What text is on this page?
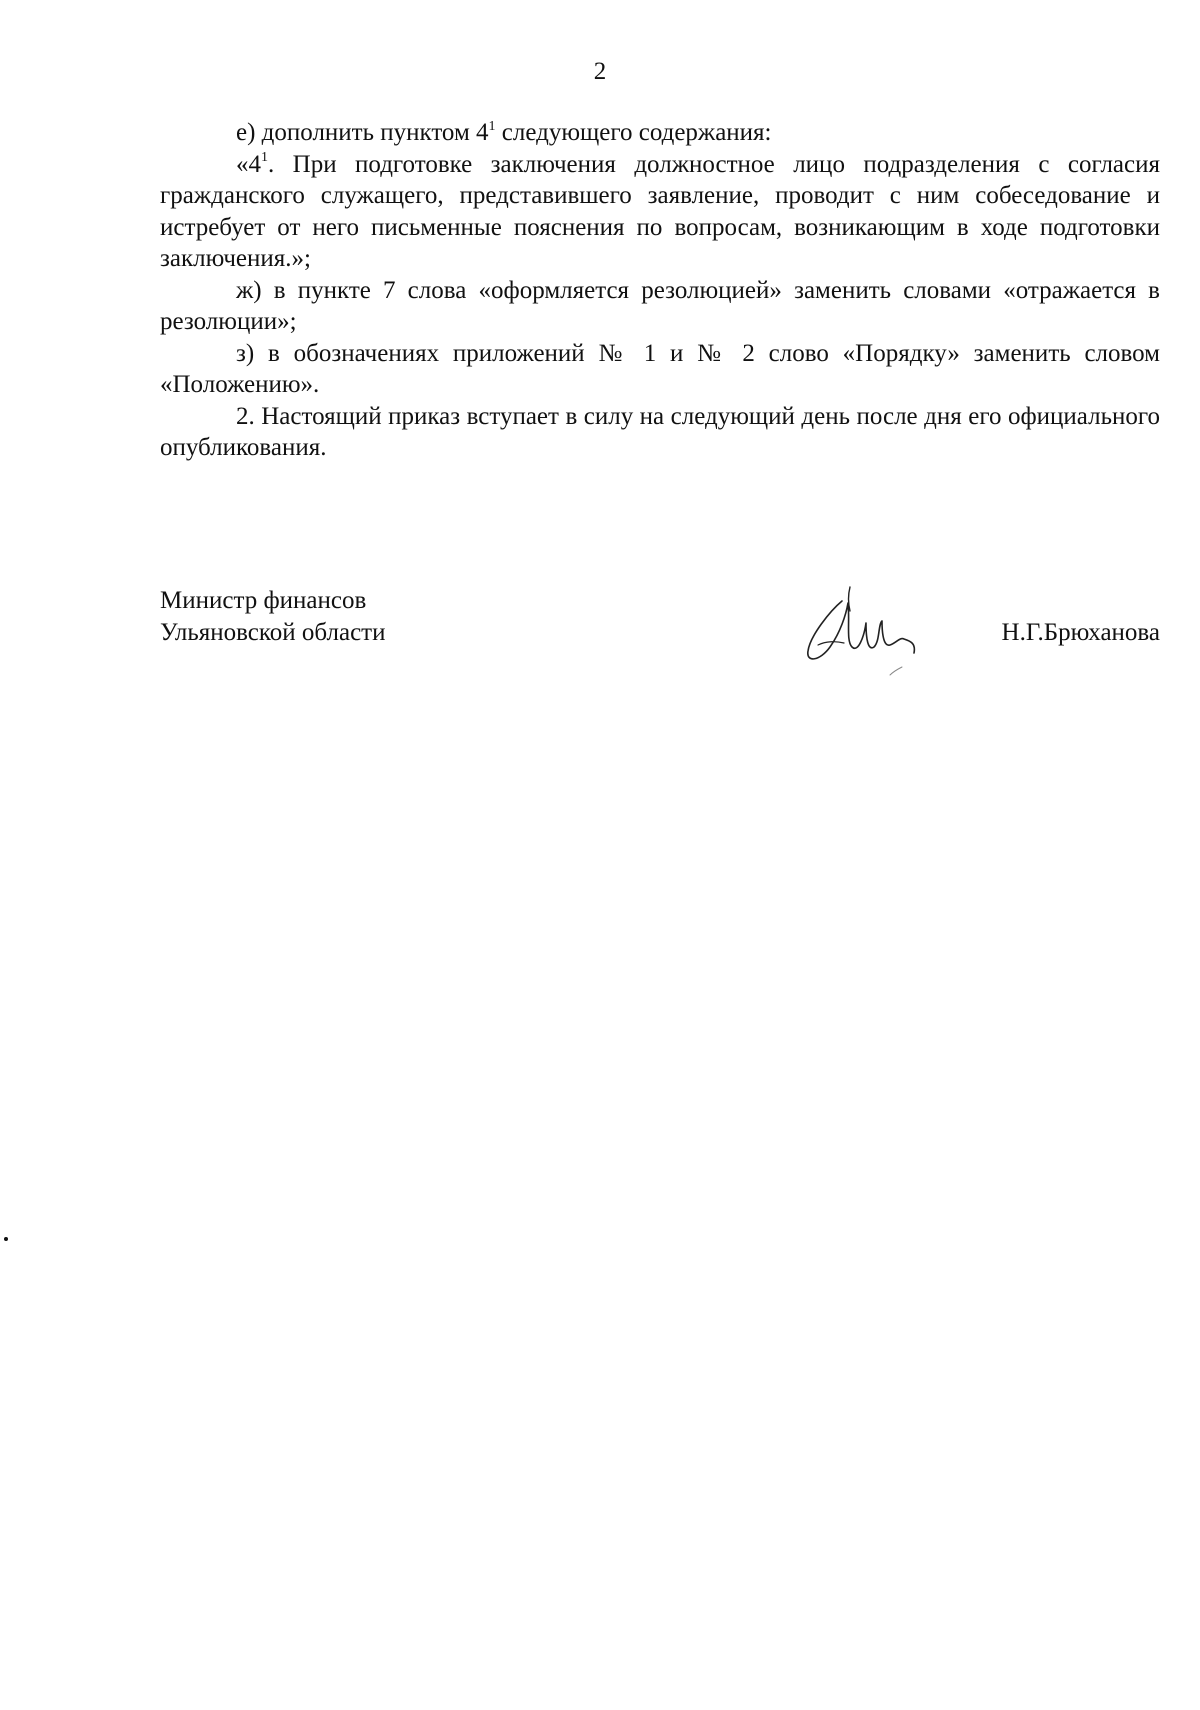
2

е) дополнить пунктом $4^1$ следующего содержания:

«$4^1$. При подготовке заключения должностное лицо подразделения с согласия гражданского служащего, представившего заявление, проводит с ним собеседование и истребует от него письменные пояснения по вопросам, возникающим в ходе подготовки заключения.»;

ж) в пункте 7 слова «оформляется резолюцией» заменить словами «отражается в резолюции»;

з) в обозначениях приложений № 1 и № 2 слово «Порядку» заменить словом «Положению».

2. Настоящий приказ вступает в силу на следующий день после дня его официального опубликования.

Министр финансов
Ульяновской области	Н.Г.Брюханова
